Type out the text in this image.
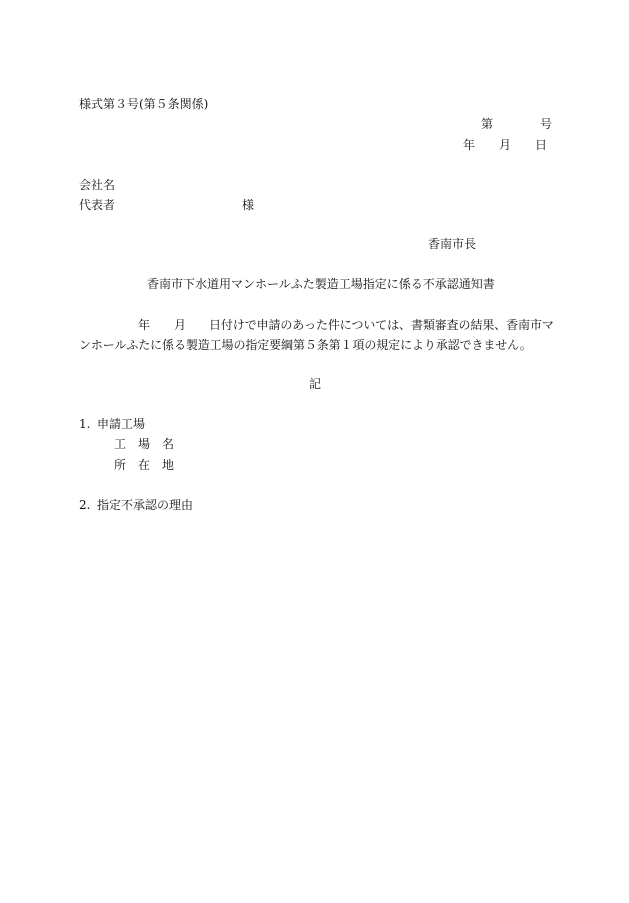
様式第３号(第５条関係)
第	号
年 月 日
会社名
代表者	様
香南市長
香南市下水道用マンホールふた製造工場指定に係る不承認通知書
年 月 日付けで申請のあった件については、書類審査の結果、香南市マ
ンホールふたに係る製造工場の指定要綱第５条第１項の規定により承認できません。
記
1. 申請工場
工　場　名
所　在　地
2. 指定不承認の理由
